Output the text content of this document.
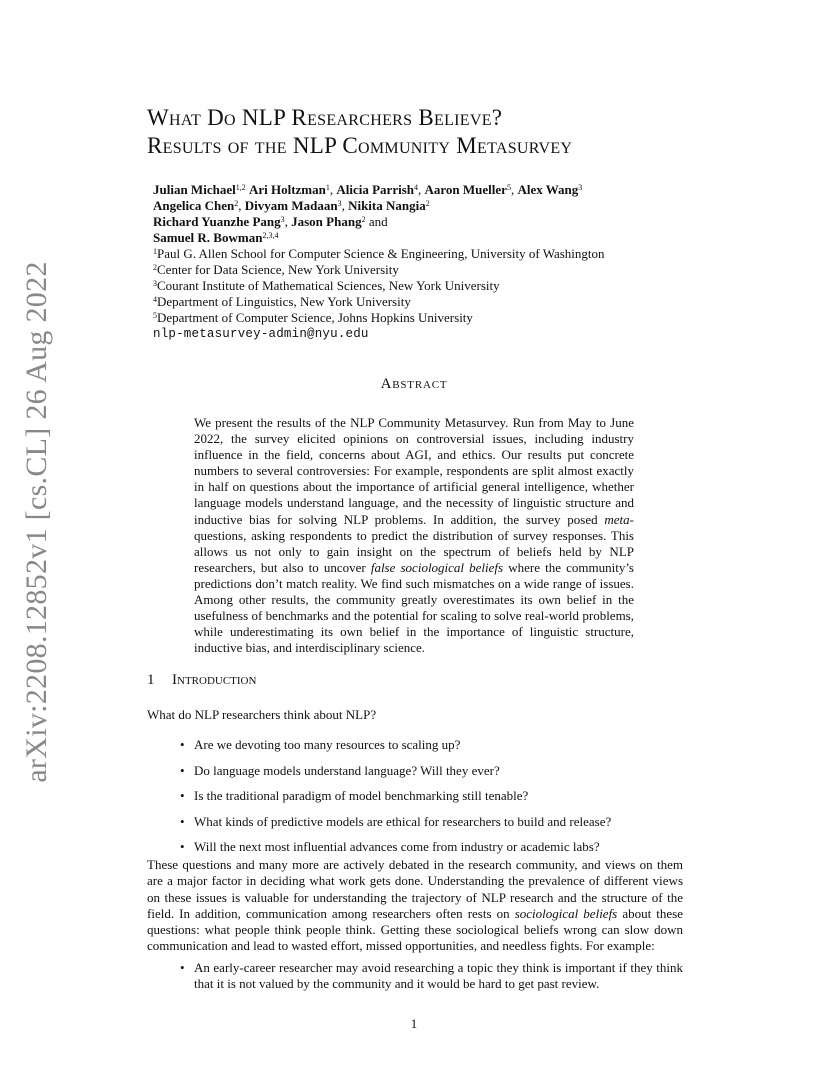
arXiv:2208.12852v1 [cs.CL] 26 Aug 2022
What Do NLP Researchers Believe?
Results of the NLP Community Metasurvey
Julian Michael$^{1,2}$ Ari Holtzman$^1$, Alicia Parrish$^4$, Aaron Mueller$^5$, Alex Wang$^3$
Angelica Chen$^2$, Divyam Madaan$^3$, Nikita Nangia$^2$
Richard Yuanzhe Pang$^3$, Jason Phang$^2$ and
Samuel R. Bowman$^{2,3,4}$
$^1$Paul G. Allen School for Computer Science & Engineering, University of Washington
$^2$Center for Data Science, New York University
$^3$Courant Institute of Mathematical Sciences, New York University
$^4$Department of Linguistics, New York University
$^5$Department of Computer Science, Johns Hopkins University
nlp-metasurvey-admin@nyu.edu
Abstract
We present the results of the NLP Community Metasurvey. Run from May to June 2022, the survey elicited opinions on controversial issues, including industry influence in the field, concerns about AGI, and ethics. Our results put concrete numbers to several controversies: For example, respondents are split almost exactly in half on questions about the importance of artificial general intelligence, whether language models understand language, and the necessity of linguistic structure and inductive bias for solving NLP problems. In addition, the survey posed meta-questions, asking respondents to predict the distribution of survey responses. This allows us not only to gain insight on the spectrum of beliefs held by NLP researchers, but also to uncover false sociological beliefs where the community’s predictions don’t match reality. We find such mismatches on a wide range of issues. Among other results, the community greatly overestimates its own belief in the usefulness of benchmarks and the potential for scaling to solve real-world problems, while underestimating its own belief in the importance of linguistic structure, inductive bias, and interdisciplinary science.
1 Introduction
What do NLP researchers think about NLP?
• Are we devoting too many resources to scaling up?
• Do language models understand language? Will they ever?
• Is the traditional paradigm of model benchmarking still tenable?
• What kinds of predictive models are ethical for researchers to build and release?
• Will the next most influential advances come from industry or academic labs?
These questions and many more are actively debated in the research community, and views on them are a major factor in deciding what work gets done. Understanding the prevalence of different views on these issues is valuable for understanding the trajectory of NLP research and the structure of the field. In addition, communication among researchers often rests on sociological beliefs about these questions: what people think people think. Getting these sociological beliefs wrong can slow down communication and lead to wasted effort, missed opportunities, and needless fights. For example:
• An early-career researcher may avoid researching a topic they think is important if they think that it is not valued by the community and it would be hard to get past review.
1
